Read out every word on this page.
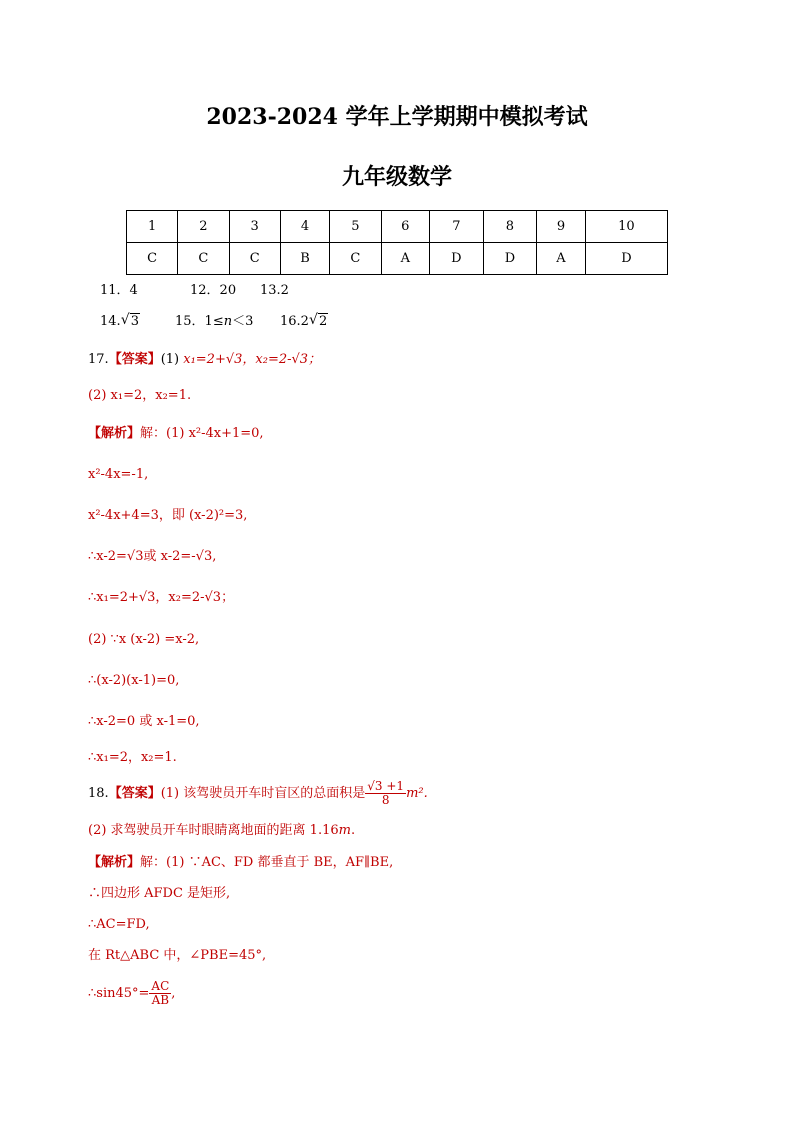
2023-2024 学年上学期期中模拟考试
九年级数学
1	2	3	4	5	6	7	8	9	10
C	C	C	B	C	A	D	D	A	D
11．4	12．20 13.2
14. √ 3	15．1≤n＜3 16.2 √ 2
17.【答案】(1) x₁=2+√3，x₂=2-√3；
(2) x₁=2，x₂=1.
【解析】解：(1) x²-4x+1=0,
x²-4x=-1,
x²-4x+4=3，即 (x-2)²=3,
∴x-2=√3或 x-2=-√3,
∴x₁=2+√3，x₂=2-√3；
(2) ∵x (x-2) =x-2,
∴(x-2)(x-1)=0,
∴x-2=0 或 x-1=0,
∴x₁=2，x₂=1.
18.【答案】(1) 该驾驶员开车时盲区的总面积是 $\frac{√3 +1}{8} m^2$.
(2) 求驾驶员开车时眼睛离地面的距离 1.16m.
【解析】解：(1) ∵AC、FD 都垂直于 BE，AF∥BE,
∴四边形 AFDC 是矩形,
∴AC=FD,
在 Rt△ABC 中，∠PBE=45°,
∴sin45°= $\frac{AC}{AB}$ ,
